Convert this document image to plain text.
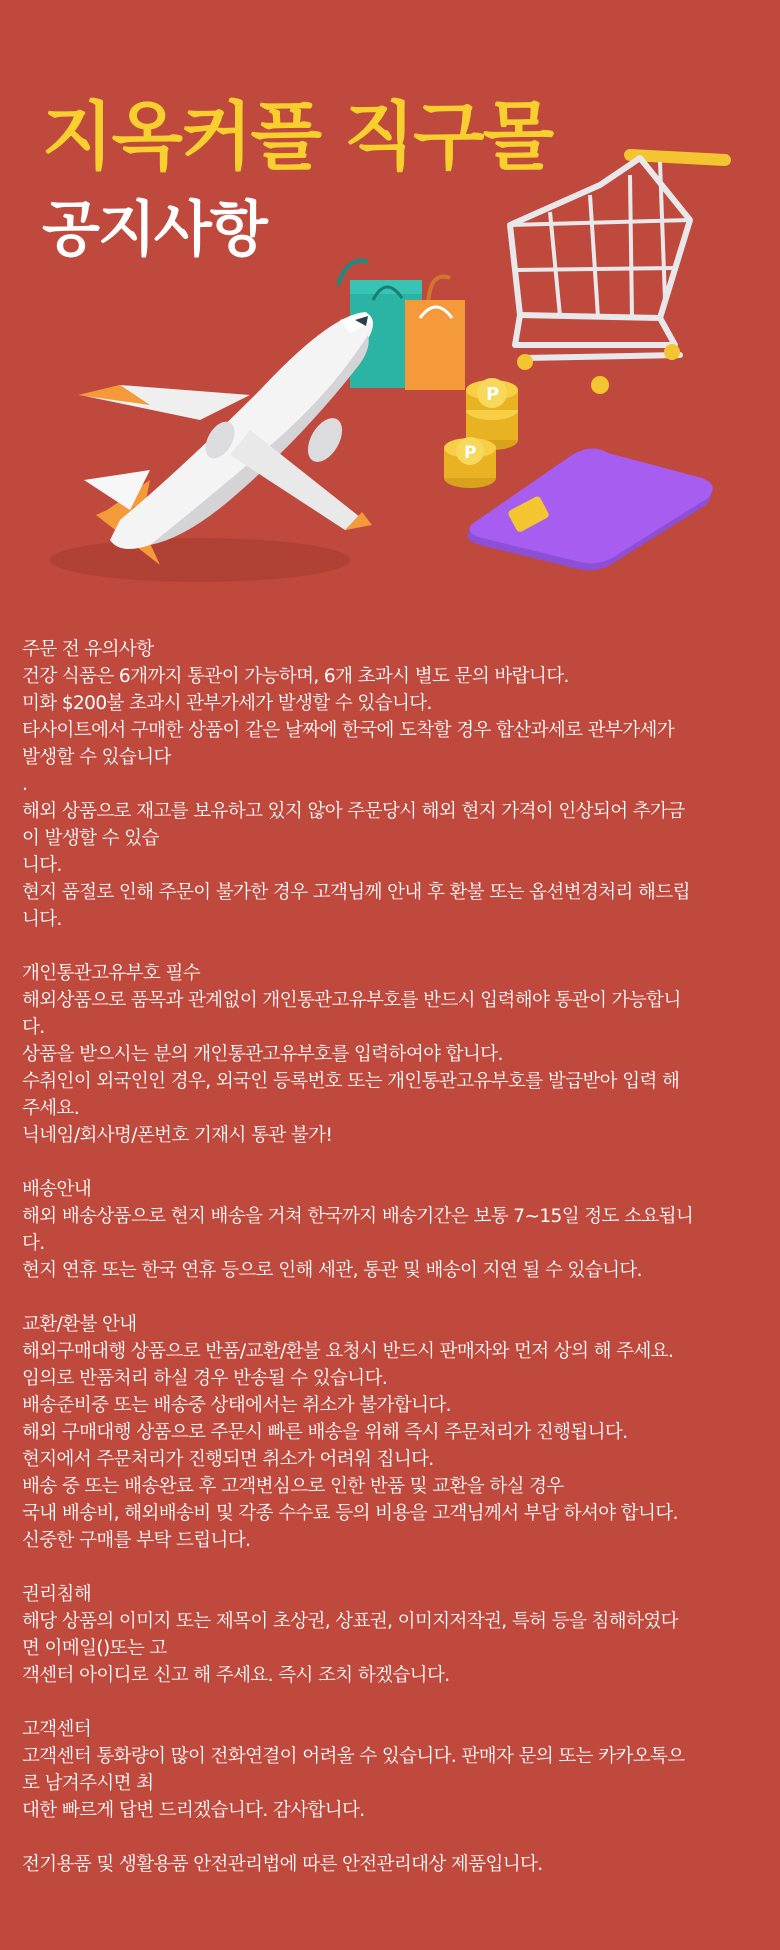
P
P
지옥커플 직구몰
공지사항
주문 전 유의사항
건강 식품은 6개까지 통관이 가능하며, 6개 초과시 별도 문의 바랍니다.
미화 $200불 초과시 관부가세가 발생할 수 있습니다.
타사이트에서 구매한 상품이 같은 날짜에 한국에 도착할 경우 합산과세로 관부가세가
발생할 수 있습니다
.
해외 상품으로 재고를 보유하고 있지 않아 주문당시 해외 현지 가격이 인상되어 추가금
이 발생할 수 있습
니다.
현지 품절로 인해 주문이 불가한 경우 고객님께 안내 후 환불 또는 옵션변경처리 해드립
니다.
개인통관고유부호 필수
해외상품으로 품목과 관계없이 개인통관고유부호를 반드시 입력해야 통관이 가능합니
다.
상품을 받으시는 분의 개인통관고유부호를 입력하여야 합니다.
수취인이 외국인인 경우, 외국인 등록번호 또는 개인통관고유부호를 발급받아 입력 해
주세요.
닉네임/회사명/폰번호 기재시 통관 불가!
배송안내
해외 배송상품으로 현지 배송을 거쳐 한국까지 배송기간은 보통 7~15일 정도 소요됩니
다.
현지 연휴 또는 한국 연휴 등으로 인해 세관, 통관 및 배송이 지연 될 수 있습니다.
교환/환불 안내
해외구매대행 상품으로 반품/교환/환불 요청시 반드시 판매자와 먼저 상의 해 주세요.
임의로 반품처리 하실 경우 반송될 수 있습니다.
배송준비중 또는 배송중 상태에서는 취소가 불가합니다.
해외 구매대행 상품으로 주문시 빠른 배송을 위해 즉시 주문처리가 진행됩니다.
현지에서 주문처리가 진행되면 취소가 어려워 집니다.
배송 중 또는 배송완료 후 고객변심으로 인한 반품 및 교환을 하실 경우
국내 배송비, 해외배송비 및 각종 수수료 등의 비용을 고객님께서 부담 하셔야 합니다.
신중한 구매를 부탁 드립니다.
권리침해
해당 상품의 이미지 또는 제목이 초상권, 상표권, 이미지저작권, 특허 등을 침해하였다
면 이메일()또는 고
객센터 아이디로 신고 해 주세요. 즉시 조치 하겠습니다.
고객센터
고객센터 통화량이 많이 전화연결이 어려울 수 있습니다. 판매자 문의 또는 카카오톡으
로 남겨주시면 최
대한 빠르게 답변 드리겠습니다. 감사합니다.
전기용품 및 생활용품 안전관리법에 따른 안전관리대상 제품입니다.
